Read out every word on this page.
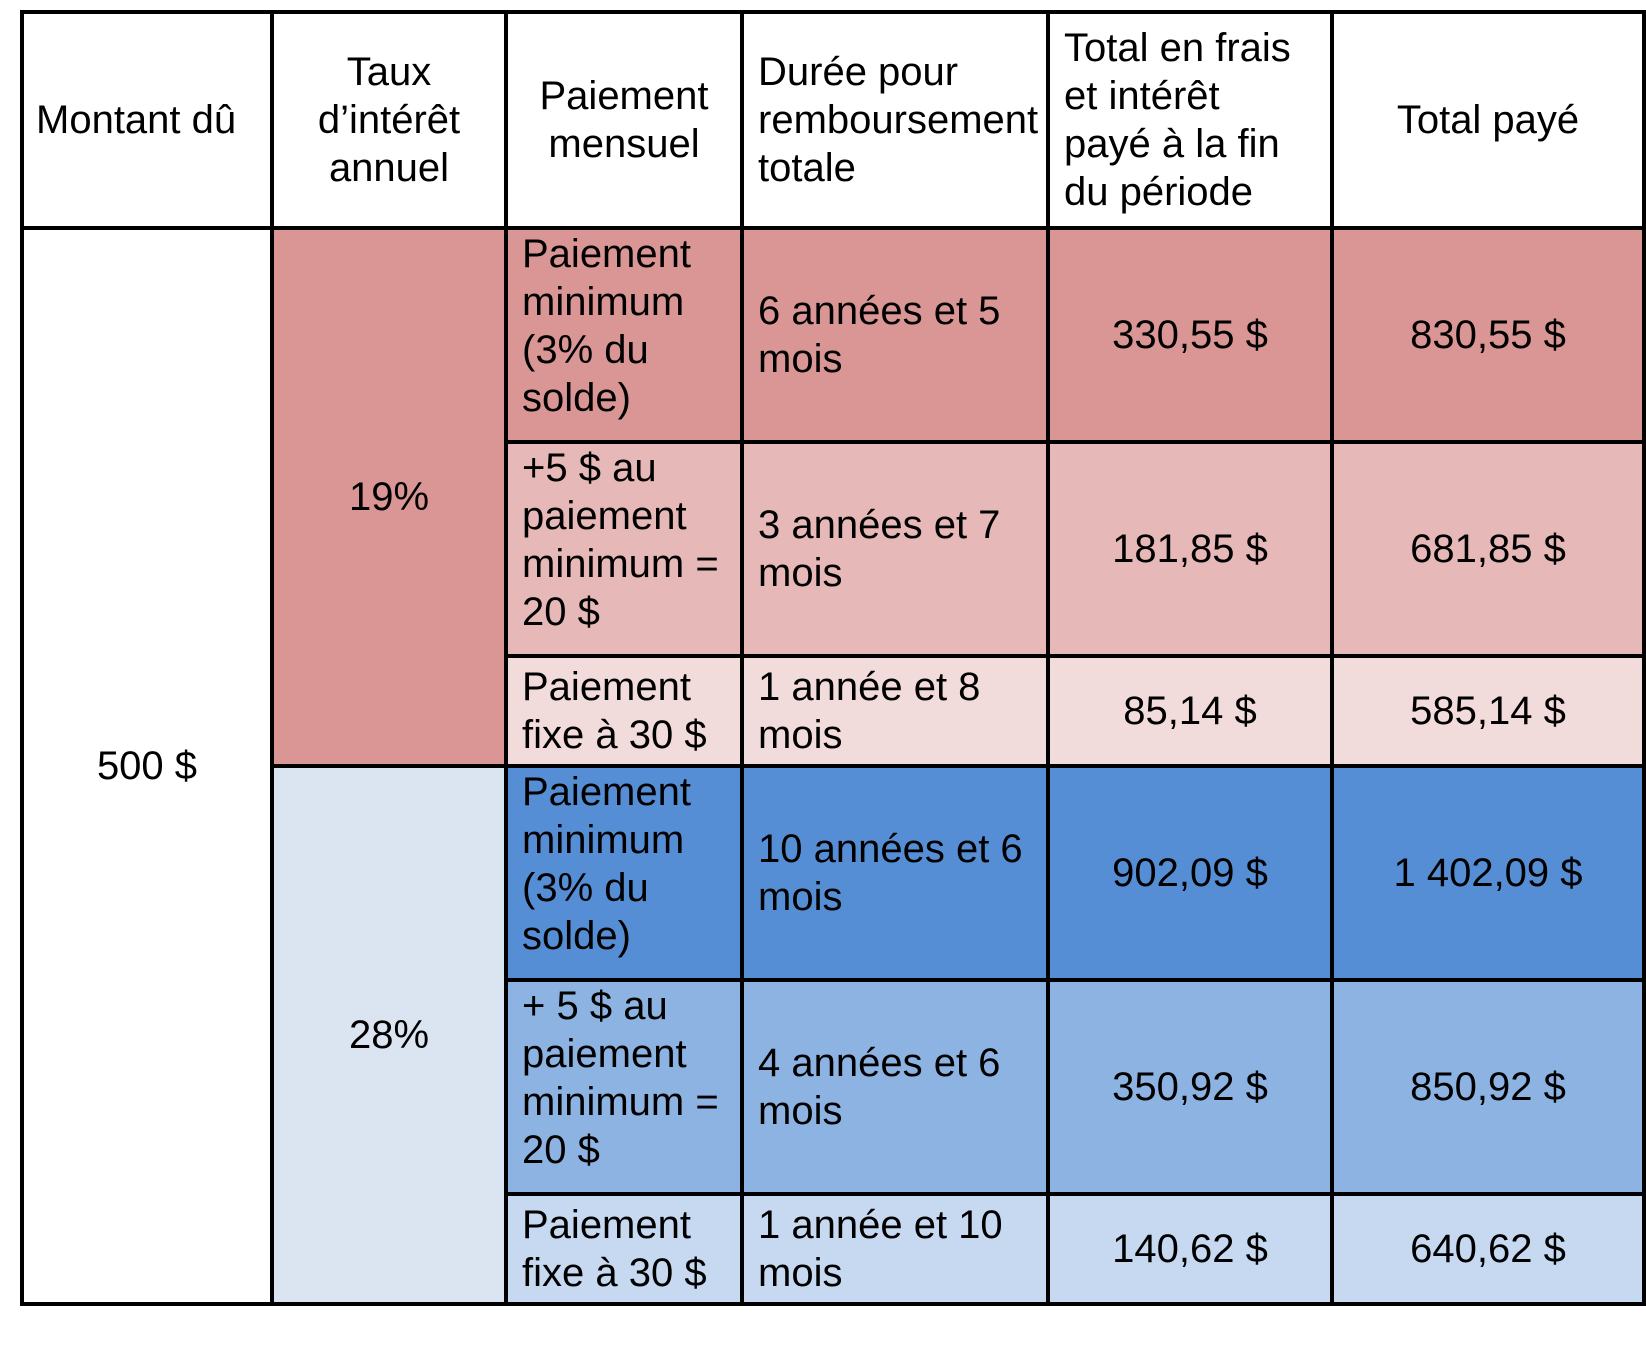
Montant dû	Taux d’intérêt annuel	Paiement mensuel	Durée pour remboursement totale	Total en frais et intérêt payé à la fin du période	Total payé
500 $	19%	Paiement minimum (3% du solde)	6 années et 5 mois	330,55 $	830,55 $
		+5 $ au paiement minimum = 20 $	3 années et 7 mois	181,85 $	681,85 $
		Paiement fixe à 30 $	1 année et 8 mois	85,14 $	585,14 $
	28%	Paiement minimum (3% du solde)	10 années et 6 mois	902,09 $	1 402,09 $
		+ 5 $ au paiement minimum = 20 $	4 années et 6 mois	350,92 $	850,92 $
		Paiement fixe à 30 $	1 année et 10 mois	140,62 $	640,62 $
